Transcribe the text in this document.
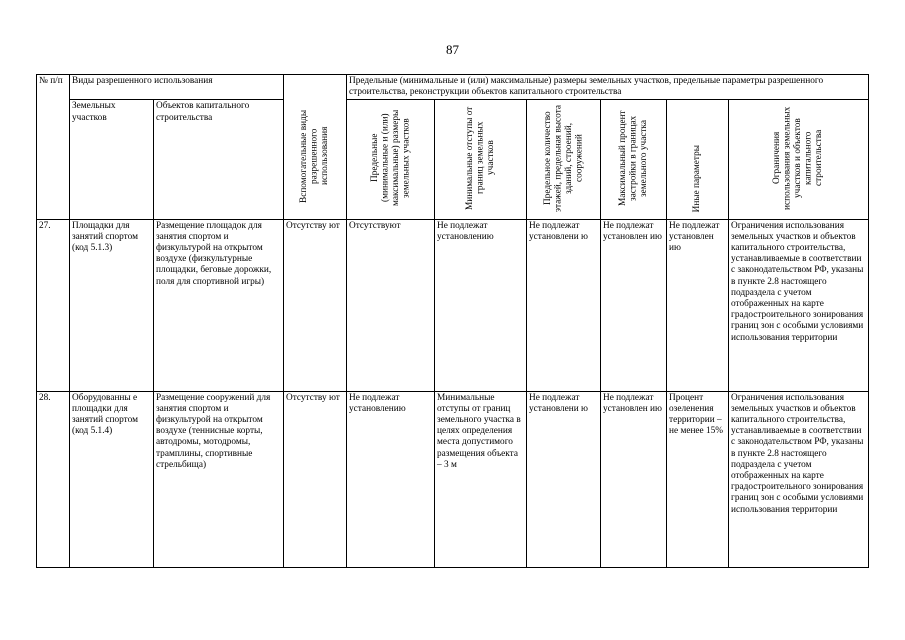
87
№ п/п	Виды разрешенного использования		Вспомогательные виды разрешенного использования	Предельные (минимальные и (или) максимальные) размеры земельных участков, предельные параметры разрешенного строительства, реконструкции объектов капитального строительства					
	Земельных участков	Объектов капитального строительства		Предельные (минимальные и (или) максимальные) размеры земельных участков	Минимальные отступы от границ земельных участков	Предельное количество этажей, предельная высота зданий, строений, сооружений	Максимальный процент застройки в границах земельного участка	Иные параметры	Ограничения использования земельных участков и объектов капитального строительства
27.	Площадки для занятий спортом (код 5.1.3)	Размещение площадок для занятия спортом и физкультурой на открытом воздухе (физкультурные площадки, беговые дорожки, поля для спортивной игры)	Отсутству ют	Отсутствуют	Не подлежат установлению	Не подлежат установлени ю	Не подлежат установлен ию	Не подлежат установлен ию	Ограничения использования земельных участков и объектов капитального строительства, устанавливаемые в соответствии с законодательством РФ, указаны в пункте 2.8 настоящего подраздела с учетом отображенных на карте градостроительного зонирования границ зон с особыми условиями использования территории
28.	Оборудованны е площадки для занятий спортом (код 5.1.4)	Размещение сооружений для занятия спортом и физкультурой на открытом воздухе (теннисные корты, автодромы, мотодромы, трамплины, спортивные стрельбища)	Отсутству ют	Не подлежат установлению	Минимальные отступы от границ земельного участка в целях определения места допустимого размещения объекта – 3 м	Не подлежат установлени ю	Не подлежат установлен ию	Процент озеленения территории – не менее 15%	Ограничения использования земельных участков и объектов капитального строительства, устанавливаемые в соответствии с законодательством РФ, указаны в пункте 2.8 настоящего подраздела с учетом отображенных на карте градостроительного зонирования границ зон с особыми условиями использования территории
